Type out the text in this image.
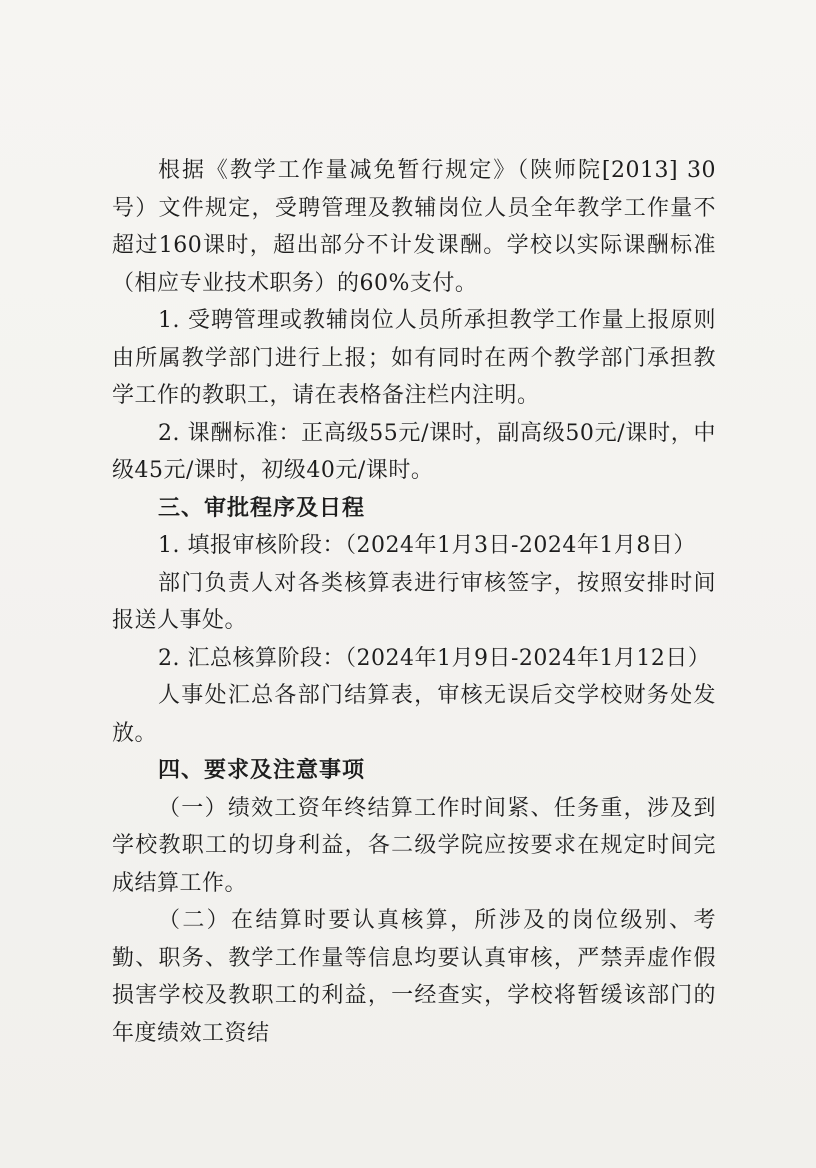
根据《教学工作量减免暂行规定》（陕师院[2013] 30号）文件规定，受聘管理及教辅岗位人员全年教学工作量不超过160课时，超出部分不计发课酬。学校以实际课酬标准（相应专业技术职务）的60%支付。

1. 受聘管理或教辅岗位人员所承担教学工作量上报原则由所属教学部门进行上报；如有同时在两个教学部门承担教学工作的教职工，请在表格备注栏内注明。

2. 课酬标准：正高级55元/课时，副高级50元/课时，中级45元/课时，初级40元/课时。

三、审批程序及日程

1. 填报审核阶段：（2024年1月3日-2024年1月8日）

部门负责人对各类核算表进行审核签字，按照安排时间报送人事处。

2. 汇总核算阶段：（2024年1月9日-2024年1月12日）

人事处汇总各部门结算表，审核无误后交学校财务处发放。

四、要求及注意事项

（一）绩效工资年终结算工作时间紧、任务重，涉及到学校教职工的切身利益，各二级学院应按要求在规定时间完成结算工作。

（二）在结算时要认真核算，所涉及的岗位级别、考勤、职务、教学工作量等信息均要认真审核，严禁弄虚作假损害学校及教职工的利益，一经查实，学校将暂缓该部门的年度绩效工资结
